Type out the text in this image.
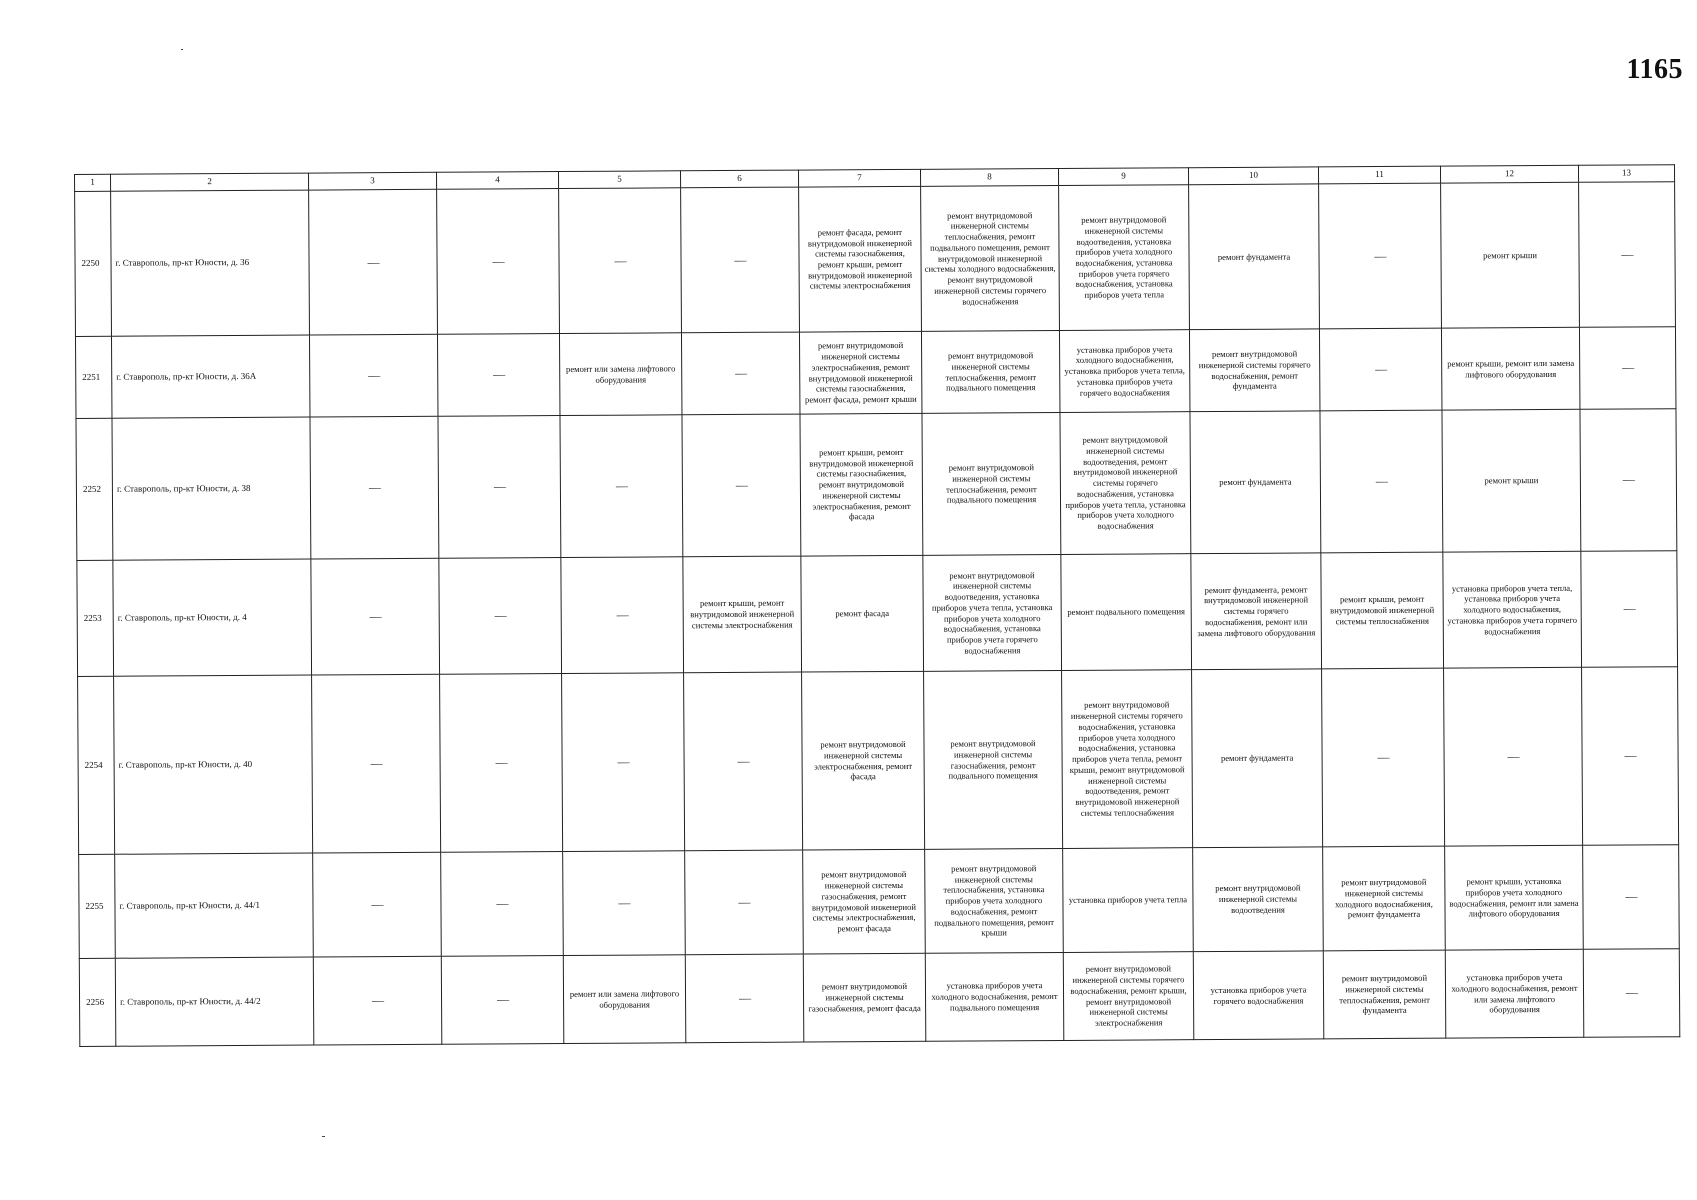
1165
1	2	3	4	5	6	7	8	9	10	11	12	13
2250	г. Ставрополь, пр-кт Юности, д. 36	—	—	—	—	ремонт фасада, ремонт внутридомовой инженерной системы газоснабжения, ремонт крыши, ремонт внутридомовой инженерной системы электроснабжения	ремонт внутридомовой инженерной системы теплоснабжения, ремонт подвального помещения, ремонт внутридомовой инженерной системы холодного водоснабжения, ремонт внутридомовой инженерной системы горячего водоснабжения	ремонт внутридомовой инженерной системы водоотведения, установка приборов учета холодного водоснабжения, установка приборов учета горячего водоснабжения, установка приборов учета тепла	ремонт фундамента	—	ремонт крыши	—
2251	г. Ставрополь, пр-кт Юности, д. 36А	—	—	ремонт или замена лифтового оборудования	—	ремонт внутридомовой инженерной системы электроснабжения, ремонт внутридомовой инженерной системы газоснабжения, ремонт фасада, ремонт крыши	ремонт внутридомовой инженерной системы теплоснабжения, ремонт подвального помещения	установка приборов учета холодного водоснабжения, установка приборов учета тепла, установка приборов учета горячего водоснабжения	ремонт внутридомовой инженерной системы горячего водоснабжения, ремонт фундамента	—	ремонт крыши, ремонт или замена лифтового оборудования	—
2252	г. Ставрополь, пр-кт Юности, д. 38	—	—	—	—	ремонт крыши, ремонт внутридомовой инженерной системы газоснабжения, ремонт внутридомовой инженерной системы электроснабжения, ремонт фасада	ремонт внутридомовой инженерной системы теплоснабжения, ремонт подвального помещения	ремонт внутридомовой инженерной системы водоотведения, ремонт внутридомовой инженерной системы горячего водоснабжения, установка приборов учета тепла, установка приборов учета холодного водоснабжения	ремонт фундамента	—	ремонт крыши	—
2253	г. Ставрополь, пр-кт Юности, д. 4	—	—	—	ремонт крыши, ремонт внутридомовой инженерной системы электроснабжения	ремонт фасада	ремонт внутридомовой инженерной системы водоотведения, установка приборов учета тепла, установка приборов учета холодного водоснабжения, установка приборов учета горячего водоснабжения	ремонт подвального помещения	ремонт фундамента, ремонт внутридомовой инженерной системы горячего водоснабжения, ремонт или замена лифтового оборудования	ремонт крыши, ремонт внутридомовой инженерной системы теплоснабжения	установка приборов учета тепла, установка приборов учета холодного водоснабжения, установка приборов учета горячего водоснабжения	—
2254	г. Ставрополь, пр-кт Юности, д. 40	—	—	—	—	ремонт внутридомовой инженерной системы электроснабжения, ремонт фасада	ремонт внутридомовой инженерной системы газоснабжения, ремонт подвального помещения	ремонт внутридомовой инженерной системы горячего водоснабжения, установка приборов учета холодного водоснабжения, установка приборов учета тепла, ремонт крыши, ремонт внутридомовой инженерной системы водоотведения, ремонт внутридомовой инженерной системы теплоснабжения	ремонт фундамента	—	—	—
2255	г. Ставрополь, пр-кт Юности, д. 44/1	—	—	—	—	ремонт внутридомовой инженерной системы газоснабжения, ремонт внутридомовой инженерной системы электроснабжения, ремонт фасада	ремонт внутридомовой инженерной системы теплоснабжения, установка приборов учета холодного водоснабжения, ремонт подвального помещения, ремонт крыши	установка приборов учета тепла	ремонт внутридомовой инженерной системы водоотведения	ремонт внутридомовой инженерной системы холодного водоснабжения, ремонт фундамента	ремонт крыши, установка приборов учета холодного водоснабжения, ремонт или замена лифтового оборудования	—
2256	г. Ставрополь, пр-кт Юности, д. 44/2	—	—	ремонт или замена лифтового оборудования	—	ремонт внутридомовой инженерной системы газоснабжения, ремонт фасада	установка приборов учета холодного водоснабжения, ремонт подвального помещения	ремонт внутридомовой инженерной системы горячего водоснабжения, ремонт крыши, ремонт внутридомовой инженерной системы электроснабжения	установка приборов учета горячего водоснабжения	ремонт внутридомовой инженерной системы теплоснабжения, ремонт фундамента	установка приборов учета холодного водоснабжения, ремонт или замена лифтового оборудования	—
